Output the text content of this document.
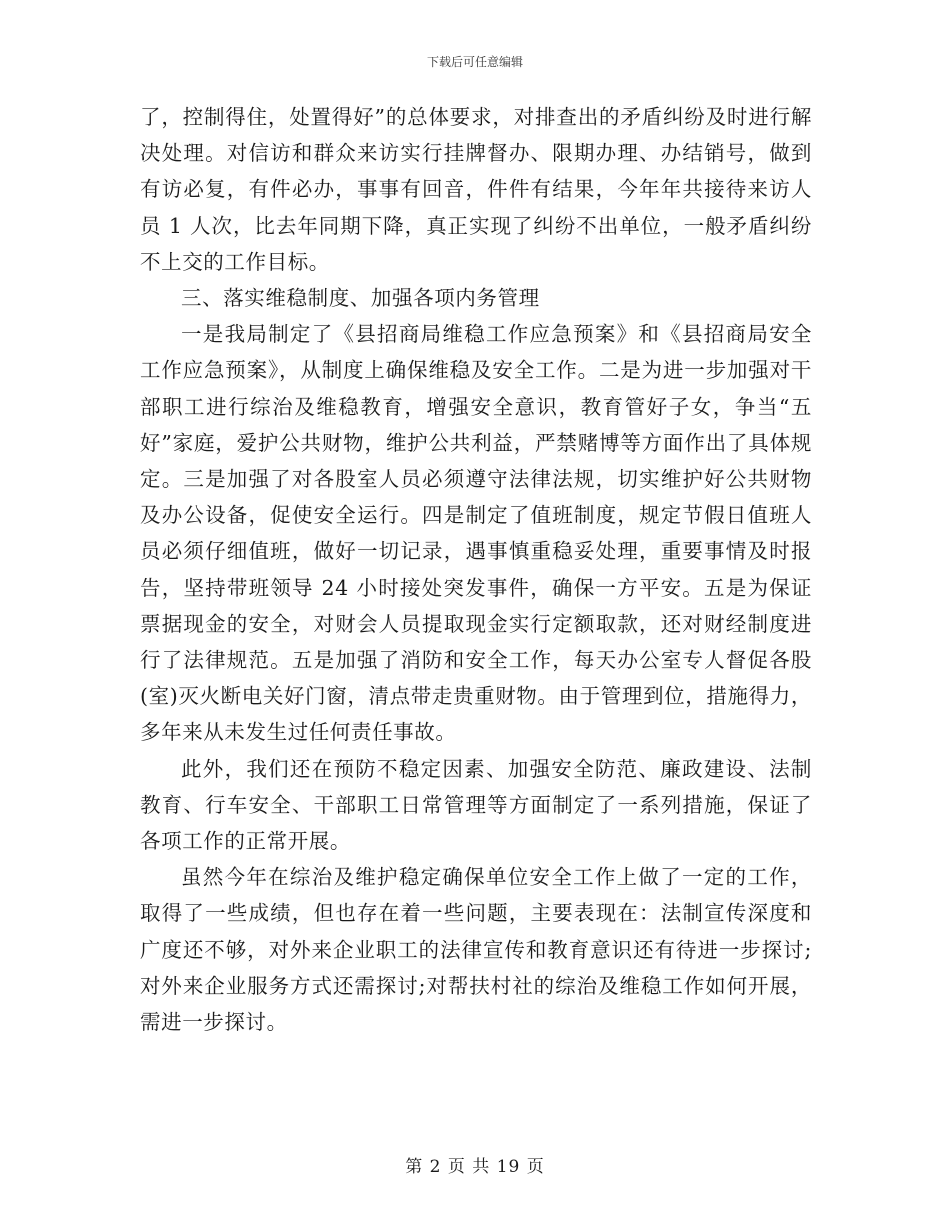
下载后可任意编辑

了，控制得住，处置得好”的总体要求，对排查出的矛盾纠纷及时进行解决处理。对信访和群众来访实行挂牌督办、限期办理、办结销号，做到有访必复，有件必办，事事有回音，件件有结果，今年年共接待来访人员 1 人次，比去年同期下降，真正实现了纠纷不出单位，一般矛盾纠纷不上交的工作目标。

三、落实维稳制度、加强各项内务管理

一是我局制定了《县招商局维稳工作应急预案》和《县招商局安全工作应急预案》，从制度上确保维稳及安全工作。二是为进一步加强对干部职工进行综治及维稳教育，增强安全意识，教育管好子女，争当“五好”家庭，爱护公共财物，维护公共利益，严禁赌博等方面作出了具体规定。三是加强了对各股室人员必须遵守法律法规，切实维护好公共财物及办公设备，促使安全运行。四是制定了值班制度，规定节假日值班人员必须仔细值班，做好一切记录，遇事慎重稳妥处理，重要事情及时报告，坚持带班领导 24 小时接处突发事件，确保一方平安。五是为保证票据现金的安全，对财会人员提取现金实行定额取款，还对财经制度进行了法律规范。五是加强了消防和安全工作，每天办公室专人督促各股(室)灭火断电关好门窗，清点带走贵重财物。由于管理到位，措施得力，多年来从未发生过任何责任事故。

此外，我们还在预防不稳定因素、加强安全防范、廉政建设、法制教育、行车安全、干部职工日常管理等方面制定了一系列措施，保证了各项工作的正常开展。

虽然今年在综治及维护稳定确保单位安全工作上做了一定的工作，取得了一些成绩，但也存在着一些问题，主要表现在：法制宣传深度和广度还不够，对外来企业职工的法律宣传和教育意识还有待进一步探讨;对外来企业服务方式还需探讨;对帮扶村社的综治及维稳工作如何开展，需进一步探讨。

第 2 页 共 19 页
